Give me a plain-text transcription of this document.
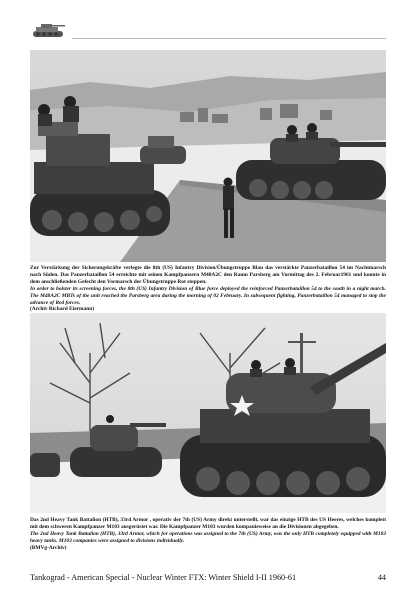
Zur Verstärkung der Sicherungskräfte verlegte die 8th (US) Infantry Division/Übungstruppe Blau das verstärkte Panzerbataillon 54 im Nachtmarsch nach Süden. Das Panzerbataillon 54 erreichte mit seinen Kampfpanzern M48A2C den Raum Parsberg am Vormittag des 2. Februar1961 und konnte in dem anschließenden Gefecht den Vormarsch der Übungstruppe Rot stoppen.

In order to bolster its screening forces, the 8th (US) Infantry Division of Blue force deployed the reinforced Panzerbataillon 54 to the south in a night march. The M48A2C MBTs of the unit reached the Parsberg area during the morning of 02 February. In subsequent fighting, Panzerbataillon 54 managed to stop the advance of Red forces.

(Archiv Richard Eiermann)

Das 2nd Heavy Tank Battalion (HTB), 33rd Armor , operativ der 7th (US) Army direkt unterstellt, war das einzige HTB des US Heeres, welches komplett mit dem schweren Kampfpanzer M103 ausgerüstet war. Die Kampfpanzer M103 wurden kompanieweise an die Divisionen abgegeben.

The 2nd Heavy Tank Battalion (HTB), 33rd Armor, which for operations was assigned to the 7th (US) Army, was the only HTB completely equipped with M103 heavy tanks. M103 companies were assigned to divisions individually.

(BMVg-Archiv)

Tankograd - American Special - Nuclear Winter FTX: Winter Shield I-II 1960-61	44
